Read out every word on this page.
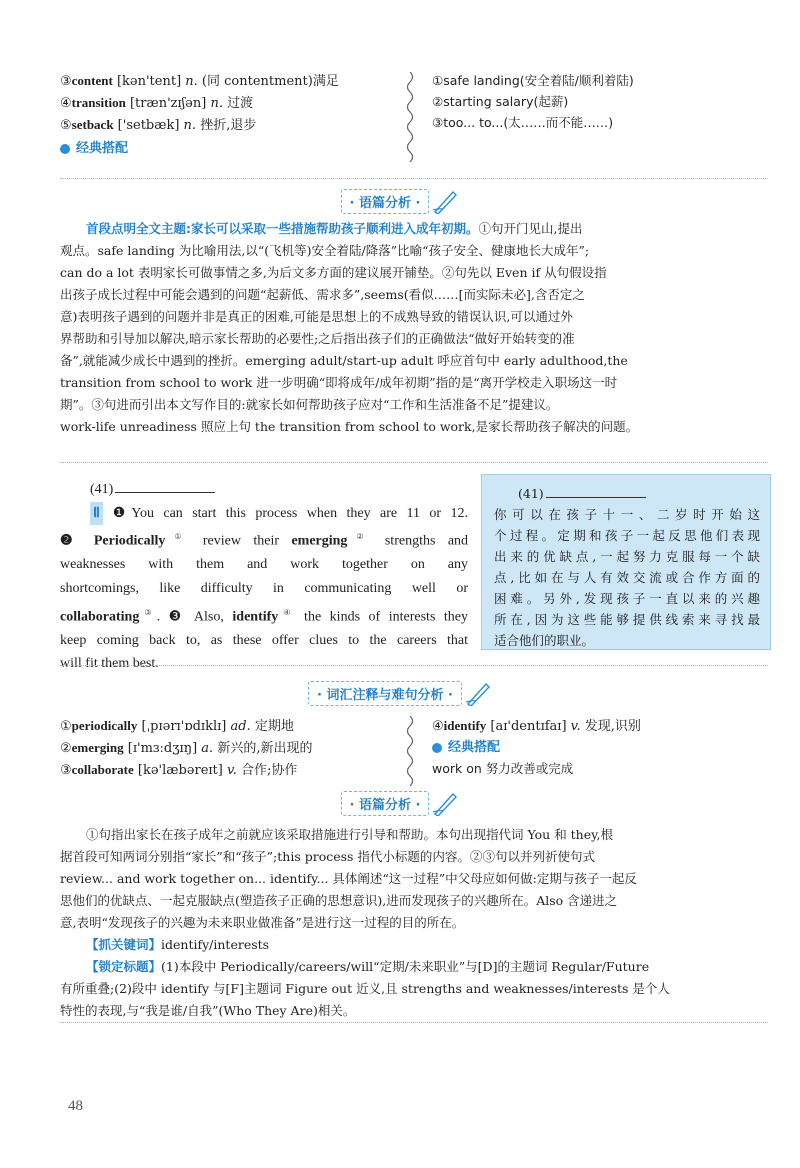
③content [kən'tent] n. (同 contentment)满足
④transition [træn'zɪʃən] n. 过渡
⑤setback ['setbæk] n. 挫折,退步
经典搭配
①safe landing(安全着陆/顺利着陆)
②starting salary(起薪)
③too... to...(太……而不能……)
· 语篇分析 ·
首段点明全文主题:家长可以采取一些措施帮助孩子顺利进入成年初期。①句开门见山,提出
观点。safe landing 为比喻用法,以“(飞机等)安全着陆/降落”比喻“孩子安全、健康地长大成年”;
can do a lot 表明家长可做事情之多,为后文多方面的建议展开铺垫。②句先以 Even if 从句假设指
出孩子成长过程中可能会遇到的问题“起薪低、需求多”,seems(看似……[而实际未必],含否定之
意)表明孩子遇到的问题并非是真正的困难,可能是思想上的不成熟导致的错误认识,可以通过外
界帮助和引导加以解决,暗示家长帮助的必要性;之后指出孩子们的正确做法“做好开始转变的准
备”,就能减少成长中遇到的挫折。emerging adult/start-up adult 呼应首句中 early adulthood,the
transition from school to work 进一步明确“即将成年/成年初期”指的是“离开学校走入职场这一时
期”。③句进而引出本文写作目的:就家长如何帮助孩子应对“工作和生活准备不足”提建议。
work-life unreadiness 照应上句 the transition from school to work,是家长帮助孩子解决的问题。
(41)
Ⅱ ❶You can start this process when they are 11 or 12.
❷ Periodically① review their emerging② strengths and
weaknesses with them and work together on any
shortcomings, like difficulty in communicating well or
collaborating③. ❸ Also, identify④ the kinds of interests they
keep coming back to, as these offer clues to the careers that
will fit them best.
(41)
你可以在孩子十一、二岁时开始这
个过程。定期和孩子一起反思他们表现
出来的优缺点,一起努力克服每一个缺
点,比如在与人有效交流或合作方面的
困难。另外,发现孩子一直以来的兴趣
所在,因为这些能够提供线索来寻找最
适合他们的职业。
· 词汇注释与难句分析 ·
①periodically [ˌpɪərɪ'ɒdɪklɪ] ad. 定期地
②emerging [ɪ'mɜːdʒɪŋ] a. 新兴的,新出现的
③collaborate [kə'læbəreɪt] v. 合作;协作
④identify [aɪ'dentɪfaɪ] v. 发现,识别
经典搭配
work on 努力改善或完成
· 语篇分析 ·
①句指出家长在孩子成年之前就应该采取措施进行引导和帮助。本句出现指代词 You 和 they,根
据首段可知两词分别指“家长”和“孩子”;this process 指代小标题的内容。②③句以并列祈使句式
review... and work together on... identify... 具体阐述“这一过程”中父母应如何做:定期与孩子一起反
思他们的优缺点、一起克服缺点(塑造孩子正确的思想意识),进而发现孩子的兴趣所在。Also 含递进之
意,表明“发现孩子的兴趣为未来职业做准备”是进行这一过程的目的所在。
【抓关键词】identify/interests
【锁定标题】(1)本段中 Periodically/careers/will“定期/未来职业”与[D]的主题词 Regular/Future
有所重叠;(2)段中 identify 与[F]主题词 Figure out 近义,且 strengths and weaknesses/interests 是个人
特性的表现,与“我是谁/自我”(Who They Are)相关。
48
